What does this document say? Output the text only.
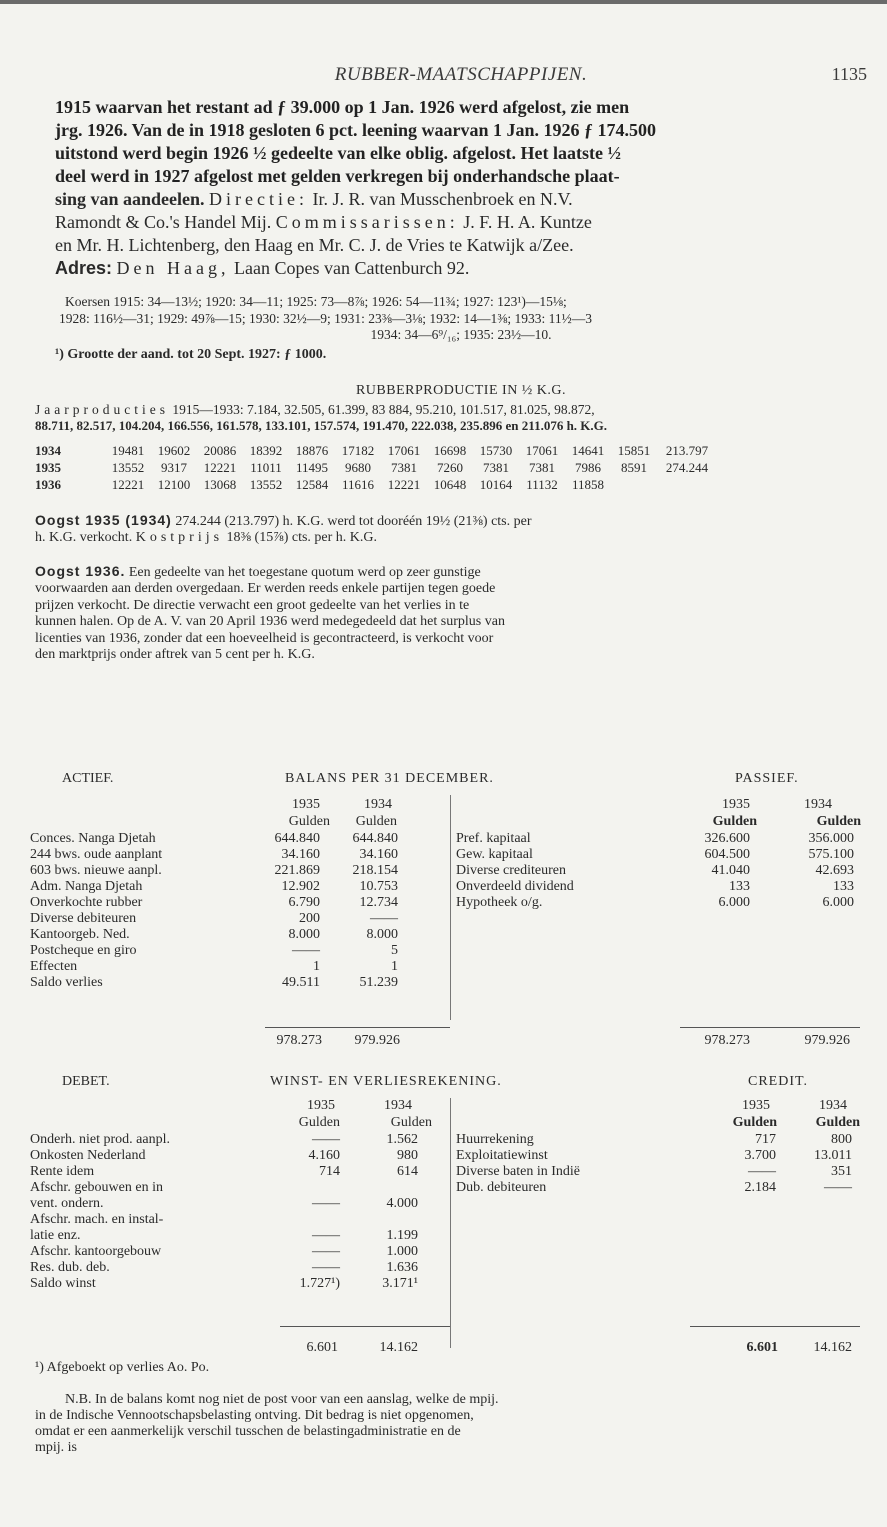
RUBBER-MAATSCHAPPIJEN.	1135

1915 waarvan het restant ad ƒ 39.000 op 1 Jan. 1926 werd afgelost, zie men

jrg. 1926. Van de in 1918 gesloten 6 pct. leening waarvan 1 Jan. 1926 ƒ 174.500

uitstond werd begin 1926 ½ gedeelte van elke oblig. afgelost. Het laatste ½

deel werd in 1927 afgelost met gelden verkregen bij onderhandsche plaat-

sing van aandeelen. Directie: Ir. J. R. van Musschenbroek en N.V.

Ramondt & Co.'s Handel Mij. Commissarissen: J. F. H. A. Kuntze

en Mr. H. Lichtenberg, den Haag en Mr. C. J. de Vries te Katwijk a/Zee.

Adres: Den Haag, Laan Copes van Cattenburch 92.

Koersen 1915: 34—13½; 1920: 34—11; 1925: 73—8⅞; 1926: 54—11¾; 1927: 123¹)—15⅛;

1928: 116½—31; 1929: 49⅞—15; 1930: 32½—9; 1931: 23⅜—3⅛; 1932: 14—1⅜; 1933: 11½—3

1934: 34—6⁹/₁₆; 1935: 23½—10.

¹) Grootte der aand. tot 20 Sept. 1927: ƒ 1000.

RUBBERPRODUCTIE IN ½ K.G.

Jaarproducties 1915—1933: 7.184, 32.505, 61.399, 83 884, 95.210, 101.517, 81.025, 98.872,

88.711, 82.517, 104.204, 166.556, 161.578, 133.101, 157.574, 191.470, 222.038, 235.896 en 211.076 h. K.G.

1934	19481	19602	20086	18392	18876	17182	17061	16698	15730	17061	14641	15851	213.797
1935	13552	9317	12221	11011	11495	9680	7381	7260	7381	7381	7986	8591	274.244
1936	12221	12100	13068	13552	12584	11616	12221	10648	10164	11132	11858		

Oogst 1935 (1934) 274.244 (213.797) h. K.G. werd tot dooréén 19½ (21⅜) cts. per

h. K.G. verkocht. Kostprijs 18⅜ (15⅞) cts. per h. K.G.

Oogst 1936. Een gedeelte van het toegestane quotum werd op zeer gunstige

voorwaarden aan derden overgedaan. Er werden reeds enkele partijen tegen goede

prijzen verkocht. De directie verwacht een groot gedeelte van het verlies in te

kunnen halen. Op de A. V. van 20 April 1936 werd medegedeeld dat het surplus van

licenties van 1936, zonder dat een hoeveelheid is gecontracteerd, is verkocht voor

den marktprijs onder aftrek van 5 cent per h. K.G.

ACTIEF.	BALANS PER 31 DECEMBER.	PASSIEF.
1935	1934
Gulden	Gulden
1935	1934
Gulden	Gulden
978.273	979.926	978.273	979.926
Conces. Nanga Djetah	644.840	644.840
244 bws. oude aanplant	34.160	34.160
603 bws. nieuwe aanpl.	221.869	218.154
Adm. Nanga Djetah	12.902	10.753
Onverkochte rubber	6.790	12.734
Diverse debiteuren	200	——
Kantoorgeb. Ned.	8.000	8.000
Postcheque en giro	——	5
Effecten	1	1
Saldo verlies	49.511	51.239
Pref. kapitaal	326.600	356.000
Gew. kapitaal	604.500	575.100
Diverse crediteuren	41.040	42.693
Onverdeeld dividend	133	133
Hypotheek o/g.	6.000	6.000
DEBET.	WINST- EN VERLIESREKENING.	CREDIT.
1935	1934
Gulden	Gulden
1935	1934
Gulden	Gulden
6.601	14.162	6.601	14.162
¹) Afgeboekt op verlies Ao. Po.
Onderh. niet prod. aanpl.	——	1.562
Onkosten Nederland	4.160	980
Rente idem	714	614
Afschr. gebouwen en in
vent. ondern.	——	4.000
Afschr. mach. en instal-
latie enz.	——	1.199
Afschr. kantoorgebouw	——	1.000
Res. dub. deb.	——	1.636
Saldo winst	1.727¹)	3.171¹
Huurrekening	717	800
Exploitatiewinst	3.700	13.011
Diverse baten in Indië	——	351
Dub. debiteuren	2.184	——

N.B. In de balans komt nog niet de post voor van een aanslag, welke de mpij.

in de Indische Vennootschapsbelasting ontving. Dit bedrag is niet opgenomen,

omdat er een aanmerkelijk verschil tusschen de belastingadministratie en de

mpij. is
